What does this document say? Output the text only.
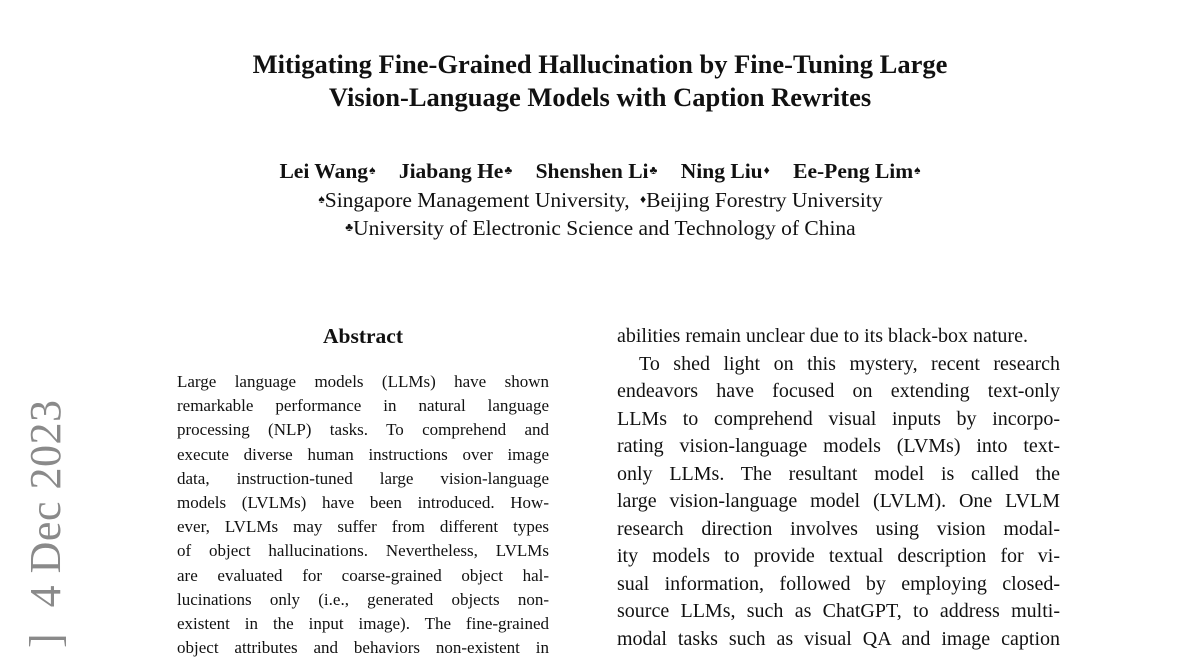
] 4 Dec 2023
Mitigating Fine-Grained Hallucination by Fine-Tuning Large
Vision-Language Models with Caption Rewrites
Lei Wang♠ Jiabang He♣ Shenshen Li♣ Ning Liu♦ Ee-Peng Lim♠
♠Singapore Management University, ♦Beijing Forestry University
♣University of Electronic Science and Technology of China
Abstract
Large language models (LLMs) have shown
remarkable performance in natural language
processing (NLP) tasks. To comprehend and
execute diverse human instructions over image
data, instruction-tuned large vision-language
models (LVLMs) have been introduced. How-
ever, LVLMs may suffer from different types
of object hallucinations. Nevertheless, LVLMs
are evaluated for coarse-grained object hal-
lucinations only (i.e., generated objects non-
existent in the input image). The fine-grained
object attributes and behaviors non-existent in
abilities remain unclear due to its black-box nature.
To shed light on this mystery, recent research
endeavors have focused on extending text-only
LLMs to comprehend visual inputs by incorpo-
rating vision-language models (LVMs) into text-
only LLMs. The resultant model is called the
large vision-language model (LVLM). One LVLM
research direction involves using vision modal-
ity models to provide textual description for vi-
sual information, followed by employing closed-
source LLMs, such as ChatGPT, to address multi-
modal tasks such as visual QA and image caption
